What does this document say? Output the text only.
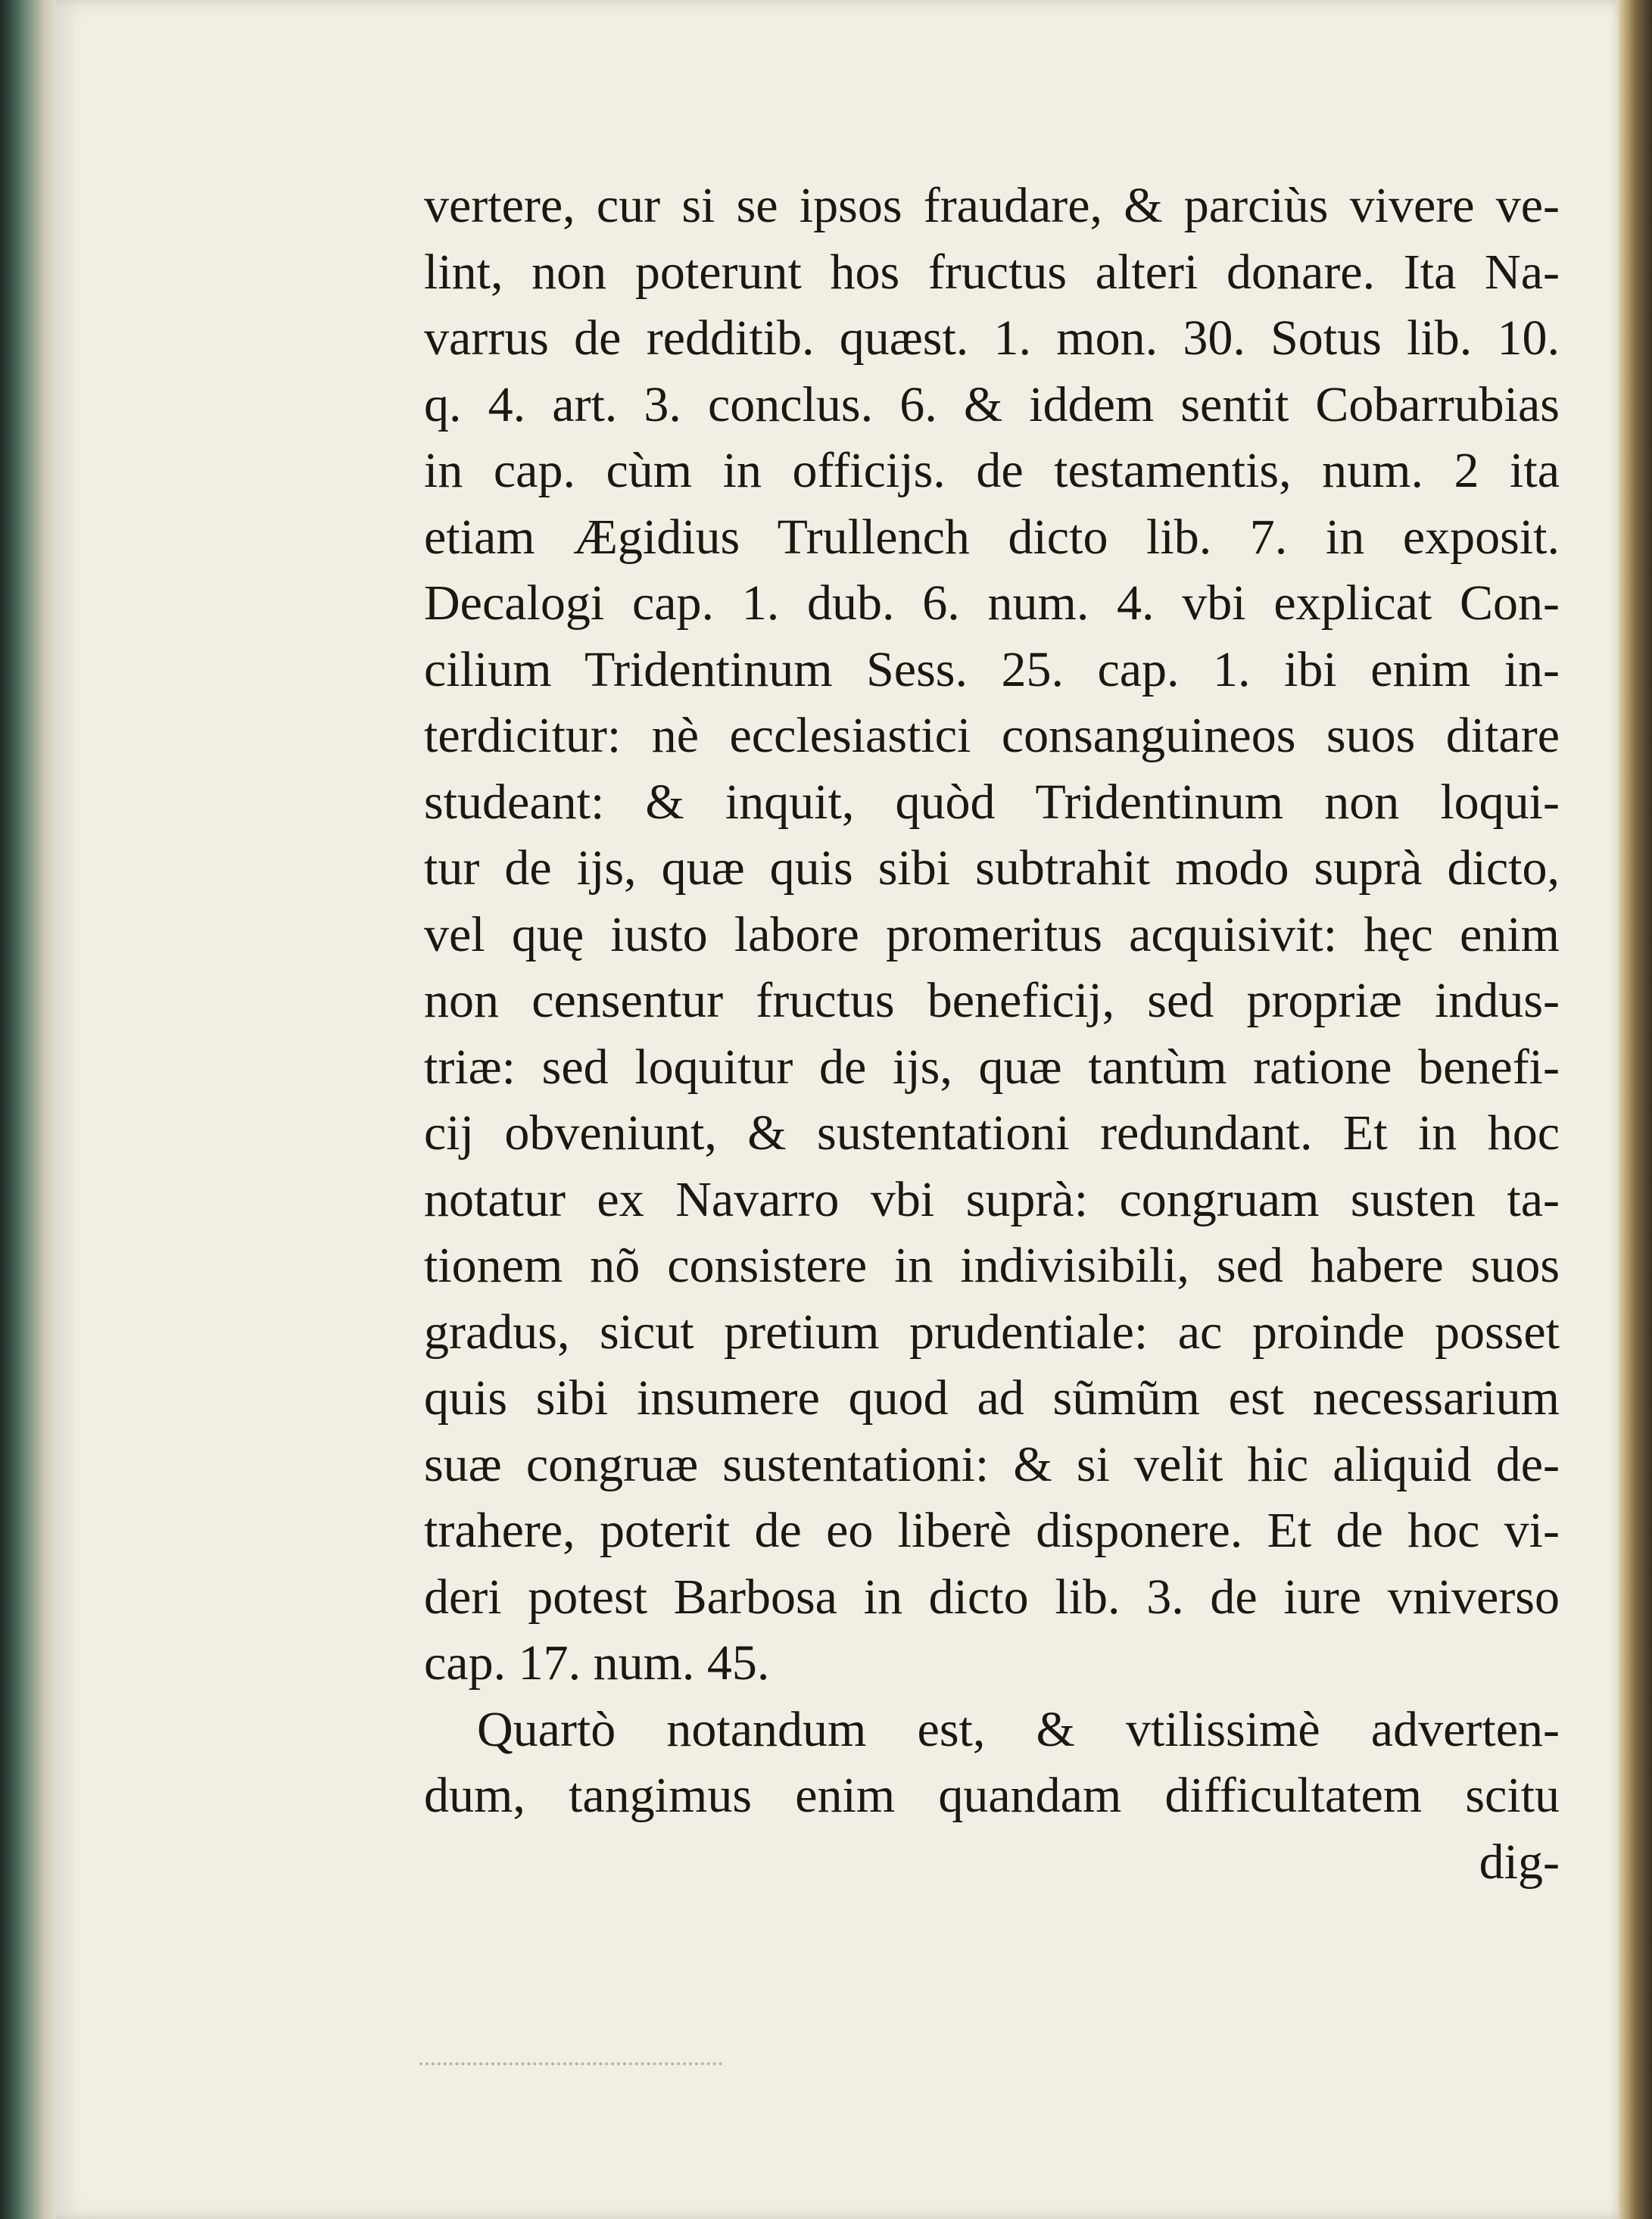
vertere, cur si se ipsos fraudare, & parciùs vivere ve-
lint, non poterunt hos fructus alteri donare. Ita Na-
varrus de redditib. quæst. 1. mon. 30. Sotus lib. 10.
q. 4. art. 3. conclus. 6. & iddem sentit Cobarrubias
in cap. cùm in officijs. de testamentis, num. 2 ita
etiam Ægidius Trullench dicto lib. 7. in exposit.
Decalogi cap. 1. dub. 6. num. 4. vbi explicat Con-
cilium Tridentinum Sess. 25. cap. 1. ibi enim in-
terdicitur: nè ecclesiastici consanguineos suos ditare
studeant: & inquit, quòd Tridentinum non loqui-
tur de ijs, quæ quis sibi subtrahit modo suprà dicto,
vel quę iusto labore promeritus acquisivit: hęc enim
non censentur fructus beneficij, sed propriæ indus-
triæ: sed loquitur de ijs, quæ tantùm ratione benefi-
cij obveniunt, & sustentationi redundant. Et in hoc
notatur ex Navarro vbi suprà: congruam susten ta-
tionem nõ consistere in indivisibili, sed habere suos
gradus, sicut pretium prudentiale: ac proinde posset
quis sibi insumere quod ad sũmũm est necessarium
suæ congruæ sustentationi: & si velit hic aliquid de-
trahere, poterit de eo liberè disponere. Et de hoc vi-
deri potest Barbosa in dicto lib. 3. de iure vniverso
cap. 17. num. 45.
Quartò notandum est, & vtilissimè adverten-
dum, tangimus enim quandam difficultatem scitu
dig-
